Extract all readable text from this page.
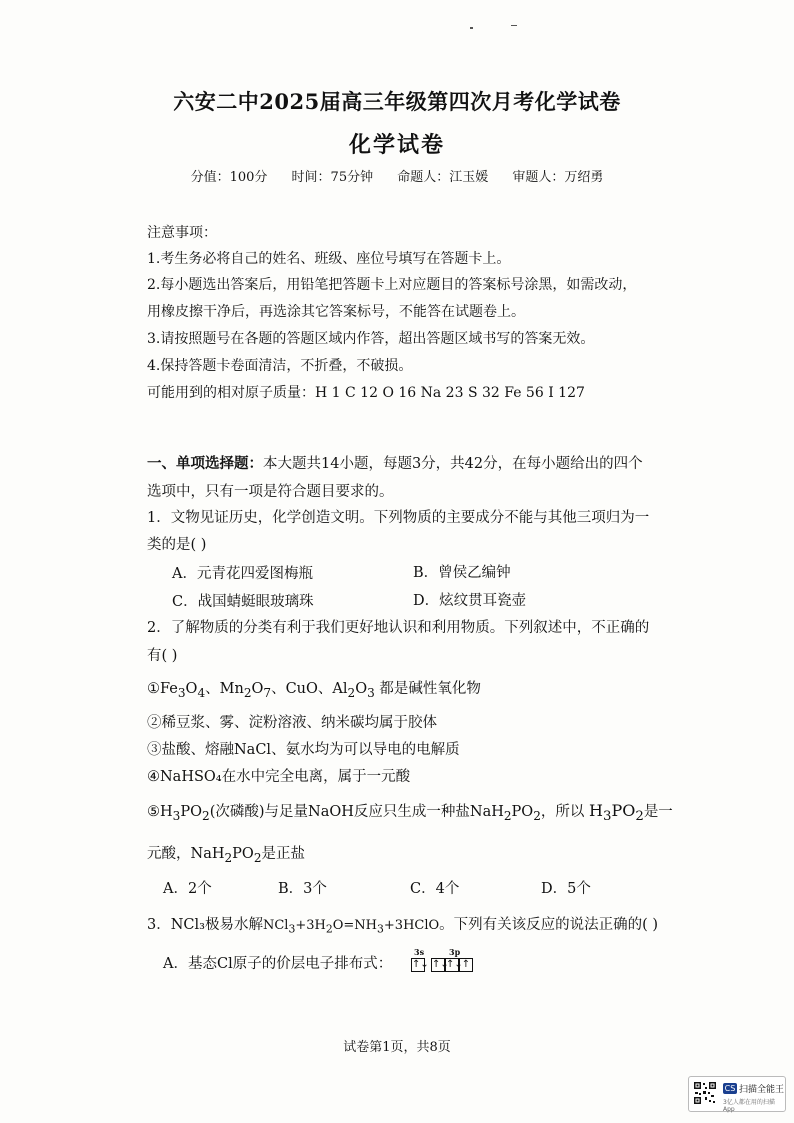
六安二中2025届高三年级第四次月考化学试卷
化学试卷
分值：100分 时间：75分钟 命题人：江玉媛 审题人：万绍勇
注意事项：
1.考生务必将自己的姓名、班级、座位号填写在答题卡上。
2.每小题选出答案后，用铅笔把答题卡上对应题目的答案标号涂黑，如需改动，
用橡皮擦干净后，再选涂其它答案标号，不能答在试题卷上。
3.请按照题号在各题的答题区域内作答，超出答题区域书写的答案无效。
4.保持答题卡卷面清洁，不折叠，不破损。
可能用到的相对原子质量：H 1 C 12 O 16 Na 23 S 32 Fe 56 I 127
一、单项选择题：本大题共14小题，每题3分，共42分，在每小题给出的四个
选项中，只有一项是符合题目要求的。
1．文物见证历史，化学创造文明。下列物质的主要成分不能与其他三项归为一
类的是( )
A．元青花四爱图梅瓶	B．曾侯乙编钟
C．战国蜻蜓眼玻璃珠	D．炫纹贯耳瓷壶
2．了解物质的分类有利于我们更好地认识和利用物质。下列叙述中，不正确的
有( )
$①Fe_3O_4$、$Mn_2O_7$、CuO、$Al_2O_3$ 都是碱性氧化物
②稀豆浆、雾、淀粉溶液、纳米碳均属于胶体
③盐酸、熔融NaCl、氨水均为可以导电的电解质
④NaHSO₄在水中完全电离，属于一元酸
$⑤H_3PO_2$(次磷酸)与足量NaOH反应只生成一种盐$NaH_2PO_2$，所以 $H_3PO_2$是一
元酸，$NaH_2PO_2$是正盐
A．2个	B．3个	C．4个	D．5个
3．NCl₃极易水解$NCl_3+3H_2O=NH_3+3HClO$。下列有关该反应的说法正确的( )
A．基态Cl原子的价层电子排布式：
3s	3p
↑↓ ↑↓
↑↓ ↑
试卷第1页，共8页
CS 扫描全能王
3亿人都在用的扫描App
